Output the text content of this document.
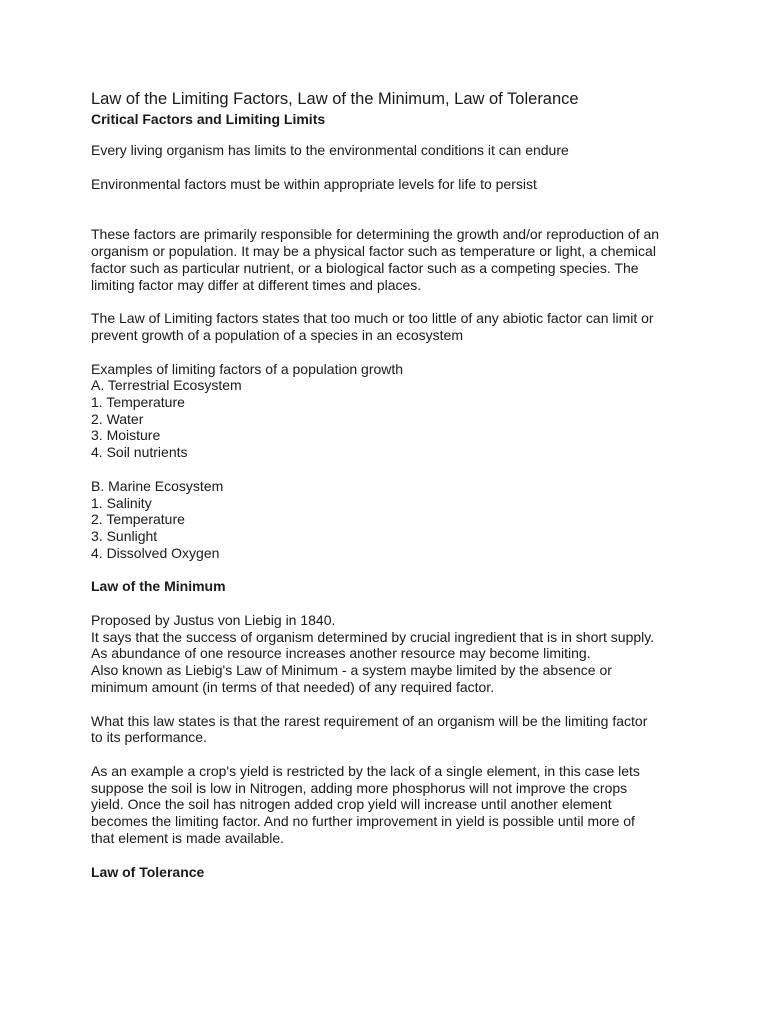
Law of the Limiting Factors, Law of the Minimum, Law of Tolerance
Critical Factors and Limiting Limits

Every living organism has limits to the environmental conditions it can endure

Environmental factors must be within appropriate levels for life to persist

These factors are primarily responsible for determining the growth and/or reproduction of an
organism or population. It may be a physical factor such as temperature or light, a chemical
factor such as particular nutrient, or a biological factor such as a competing species. The
limiting factor may differ at different times and places.
The Law of Limiting factors states that too much or too little of any abiotic factor can limit or
prevent growth of a population of a species in an ecosystem
Examples of limiting factors of a population growth
A. Terrestrial Ecosystem
1. Temperature
2. Water
3. Moisture
4. Soil nutrients
B. Marine Ecosystem
1. Salinity
2. Temperature
3. Sunlight
4. Dissolved Oxygen

Law of the Minimum

Proposed by Justus von Liebig in 1840.
It says that the success of organism determined by crucial ingredient that is in short supply.
As abundance of one resource increases another resource may become limiting.
Also known as Liebig's Law of Minimum - a system maybe limited by the absence or
minimum amount (in terms of that needed) of any required factor.
What this law states is that the rarest requirement of an organism will be the limiting factor
to its performance.
As an example a crop's yield is restricted by the lack of a single element, in this case lets
suppose the soil is low in Nitrogen, adding more phosphorus will not improve the crops
yield. Once the soil has nitrogen added crop yield will increase until another element
becomes the limiting factor. And no further improvement in yield is possible until more of
that element is made available.

Law of Tolerance
